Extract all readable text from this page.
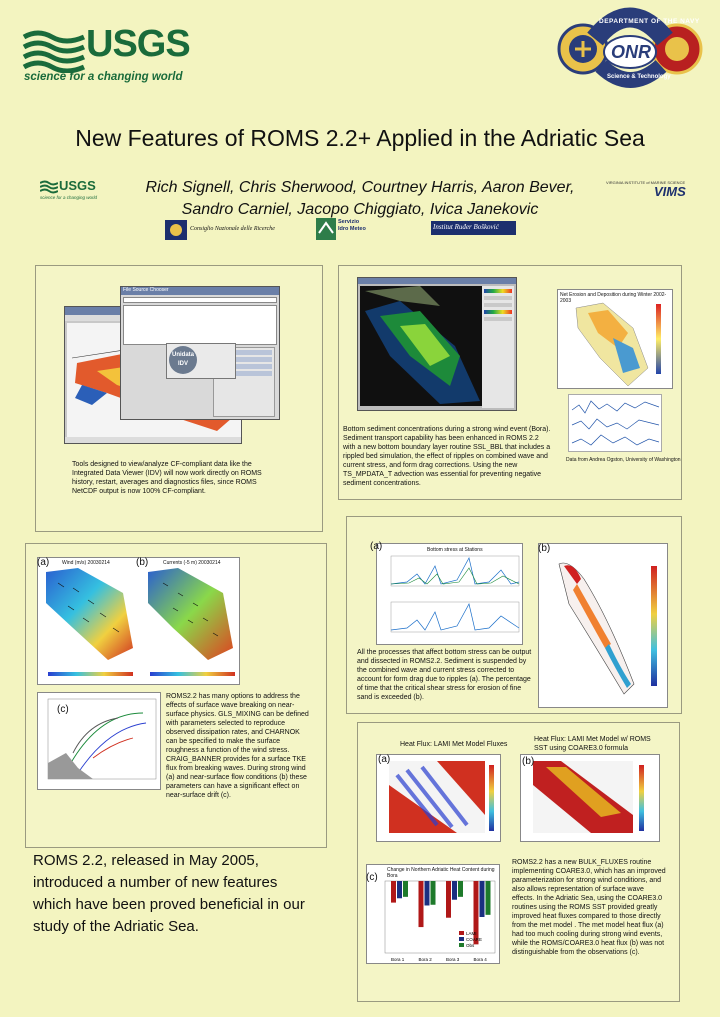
USGS
science for a changing world
DEPARTMENT OF THE NAVY
ONR
Science & Technology
New Features of ROMS 2.2+ Applied in the Adriatic Sea
Rich Signell, Chris Sherwood, Courtney Harris, Aaron Bever,
Sandro Carniel, Jacopo Chiggiato, Ivica Janekovic
USGS
science for a changing world
VIRGINIA INSTITUTE of MARINE SCIENCE
VIMS
Consiglio Nazionale delle Ricerche
Servizio Idro Meteo	Institut Ruđer Bošković
File Source Chooser
Unidata IDV
Tools designed to view/analyze CF-compliant data like the Integrated Data Viewer (IDV) will now work directly on ROMS history, restart, averages and diagnostics files, since ROMS NetCDF output is now 100% CF-compliant.
Net Erosion and Deposition during Winter 2002-2003
Data from Andrea Ogston, University of Washington
Bottom sediment concentrations during a strong wind event (Bora). Sediment transport capability has been enhanced in ROMS 2.2 with a new bottom boundary layer routine SSL_BBL that includes a rippled bed simulation, the effect of ripples on combined wave and current stress, and form drag corrections. Using the new TS_MPDATA_T advection was essential for preventing negative sediment concentrations.
Wind (m/s) 20030214	Currents (-5 m) 20030214
(a)	(b)
(c)
ROMS2.2 has many options to address the effects of surface wave breaking on near-surface physics. GLS_MIXING can be defined with parameters selected to reproduce observed dissipation rates, and CHARNOK can be specified to make the surface roughness a function of the wind stress. CRAIG_BANNER provides for a surface TKE flux from breaking waves. During strong wind (a) and near-surface flow conditions (b) these parameters can have a significant effect on near-surface drift (c).
Bottom stress at Stations
(a)	(b)
All the processes that affect bottom stress can be output and dissected in ROMS2.2. Sediment is suspended by the combined wave and current stress corrected to account for form drag due to ripples (a). The percentage of time that the critical shear stress for erosion of fine sand is exceeded (b).
Heat Flux: LAMI Met Model Fluxes
Heat Flux: LAMI Met Model w/ ROMS SST using COARE3.0 formula
(a)	(b)
Change in Northern Adriatic Heat Content during Bora
Bora 1	Bora 2	Bora 3	Bora 4
LAMI
COARE
Obs
(c)
ROMS2.2 has a new BULK_FLUXES routine implementing COARE3.0, which has an improved parameterization for strong wind conditions, and also allows representation of surface wave effects. In the Adriatic Sea, using the COARE3.0 routines using the ROMS SST provided greatly improved heat fluxes compared to those directly from the met model . The met model heat flux (a) had too much cooling during strong wind events, while the ROMS/COARE3.0 heat flux (b) was not distinguishable from the observations (c).
ROMS 2.2, released in May 2005, introduced a number of new features which have been proved beneficial in our study of the Adriatic Sea.
